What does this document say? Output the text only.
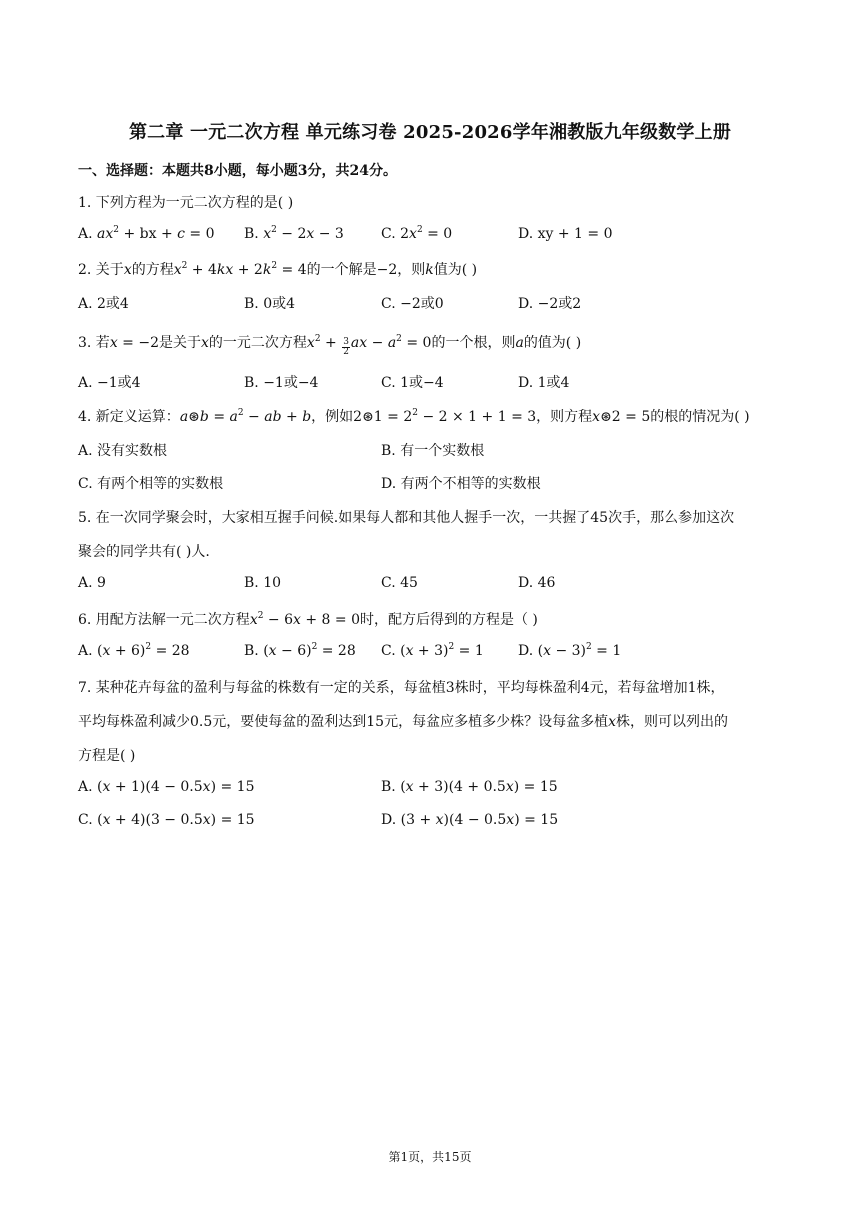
第二章 一元二次方程 单元练习卷 2025-2026学年湘教版九年级数学上册
一、选择题：本题共8小题，每小题3分，共24分。
1. 下列方程为一元二次方程的是( )
A. $ax^2$ + bx + c = 0 B. $x^2 - 2x - 3$	C. $2x^2 = 0$	D. xy + 1 = 0
2. 关于x的方程$x^2 + 4kx + 2k^2 = 4$的一个解是−2，则k值为( )
A. 2或4	B. 0或4	C. −2或0	D. −2或2
3. 若x = −2是关于x的一元二次方程$x^2 + \frac{3}{2}$ ax − $a^2 = 0$的一个根，则a的值为( )
A. −1或4	B. −1或−4	C. 1或−4	D. 1或4
4. 新定义运算：a⊛b = $a^2$ − ab + b，例如2⊛1 = $2^2 - 2 \times 1 + 1 = 3$，则方程x⊛2 = 5的根的情况为( )
A. 没有实数根	B. 有一个实数根
C. 有两个相等的实数根	D. 有两个不相等的实数根
5. 在一次同学聚会时，大家相互握手问候.如果每人都和其他人握手一次，一共握了45次手，那么参加这次
聚会的同学共有( )人.
A. 9	B. 10	C. 45	D. 46
6. 用配方法解一元二次方程$x^2 - 6x + 8 = 0$时，配方后得到的方程是（ )
A. $(x + 6)^2 = 28$	B. $(x - 6)^2 = 28$ C. $(x + 3)^2 = 1$ D. $(x - 3)^2 = 1$
7. 某种花卉每盆的盈利与每盆的株数有一定的关系，每盆植3株时，平均每株盈利4元，若每盆增加1株，
平均每株盈利减少0.5元，要使每盆的盈利达到15元，每盆应多植多少株？设每盆多植x株，则可以列出的
方程是( )
A. (x + 1)(4 − 0.5x) = 15	B. (x + 3)(4 + 0.5x) = 15
C. (x + 4)(3 − 0.5x) = 15	D. (3 + x)(4 − 0.5x) = 15
第1页，共15页
